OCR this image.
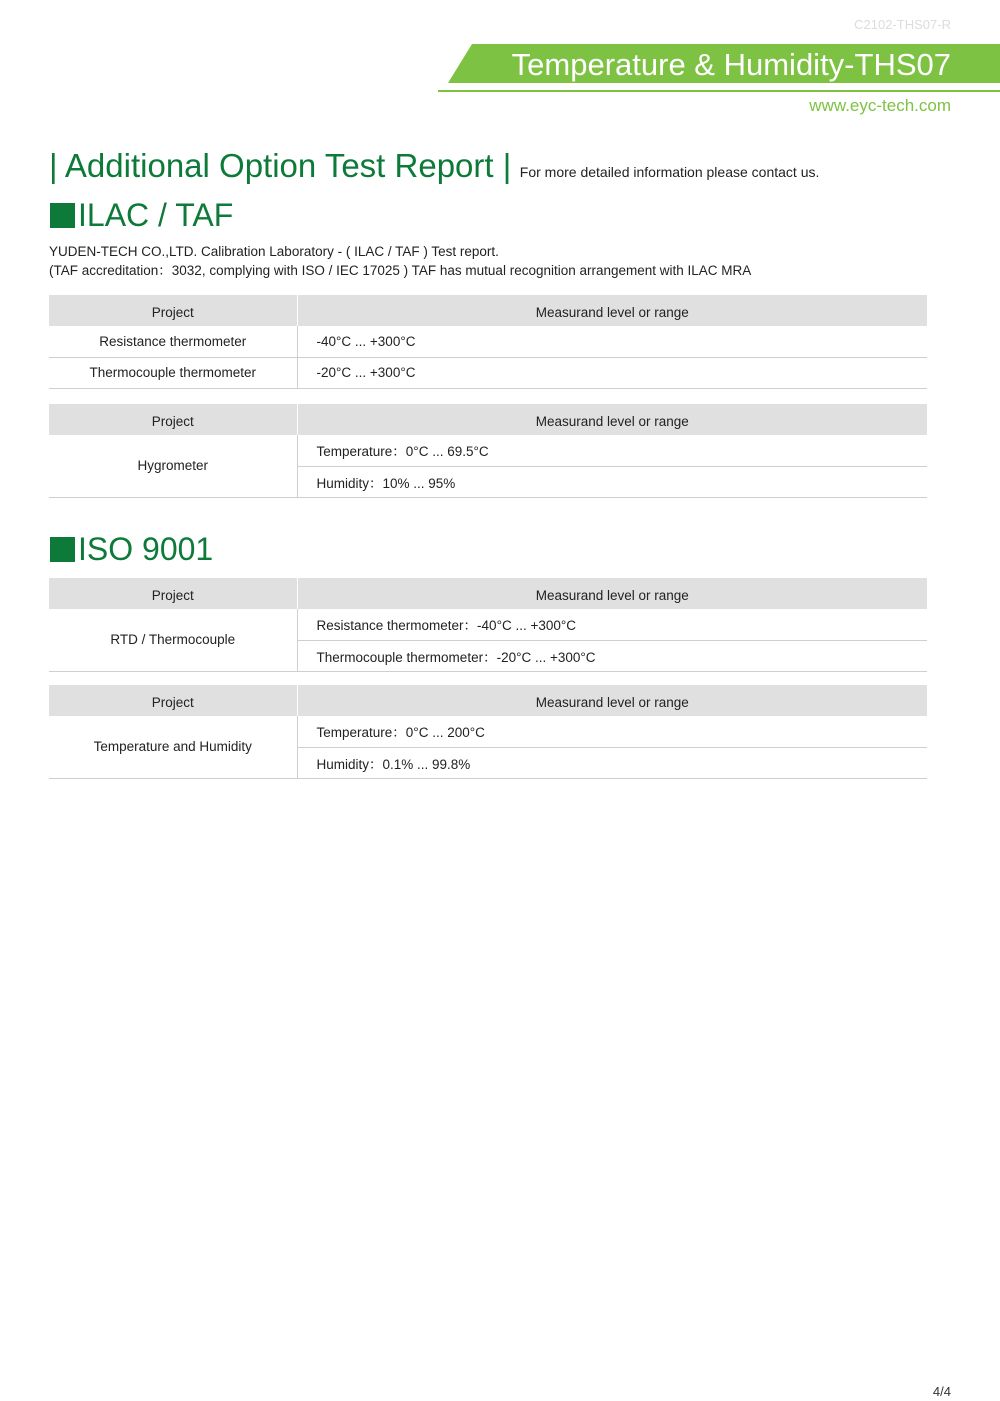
C2102-THS07-R
Temperature & Humidity-THS07
www.eyc-tech.com
| Additional Option Test Report | For more detailed information please contact us.
ILAC / TAF
YUDEN-TECH CO.,LTD. Calibration Laboratory - ( ILAC / TAF ) Test report.
(TAF accreditation：3032, complying with ISO / IEC 17025 ) TAF has mutual recognition arrangement with ILAC MRA
Project	Measurand level or range
Resistance thermometer	-40°C ... +300°C
Thermocouple thermometer	-20°C ... +300°C
Project	Measurand level or range
Hygrometer	Temperature：0°C ... 69.5°C
	Humidity：10% ... 95%
ISO 9001
Project	Measurand level or range
RTD / Thermocouple	Resistance thermometer：-40°C ... +300°C
	Thermocouple thermometer：-20°C ... +300°C
Project	Measurand level or range
Temperature and Humidity	Temperature：0°C ... 200°C
	Humidity：0.1% ... 99.8%
4/4
